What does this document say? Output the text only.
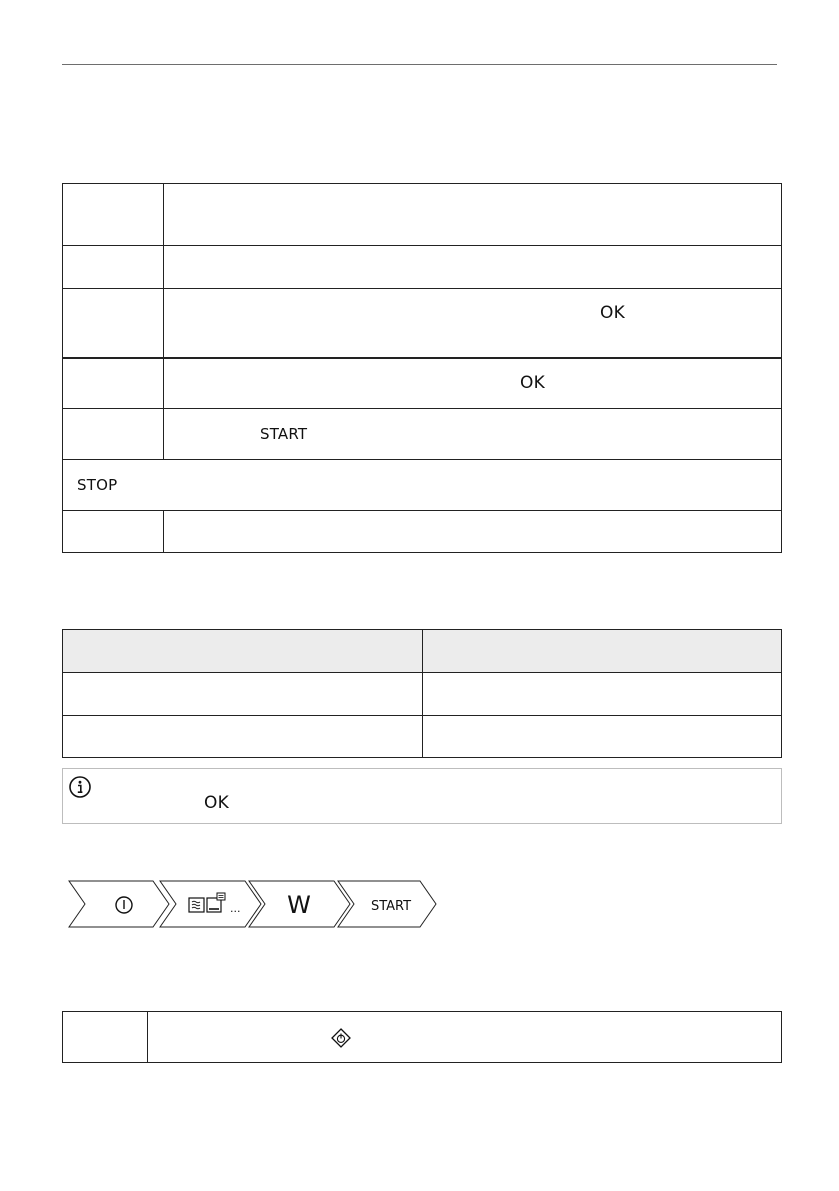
	OK
	OK
	START
STOP	

OK
... W	START
